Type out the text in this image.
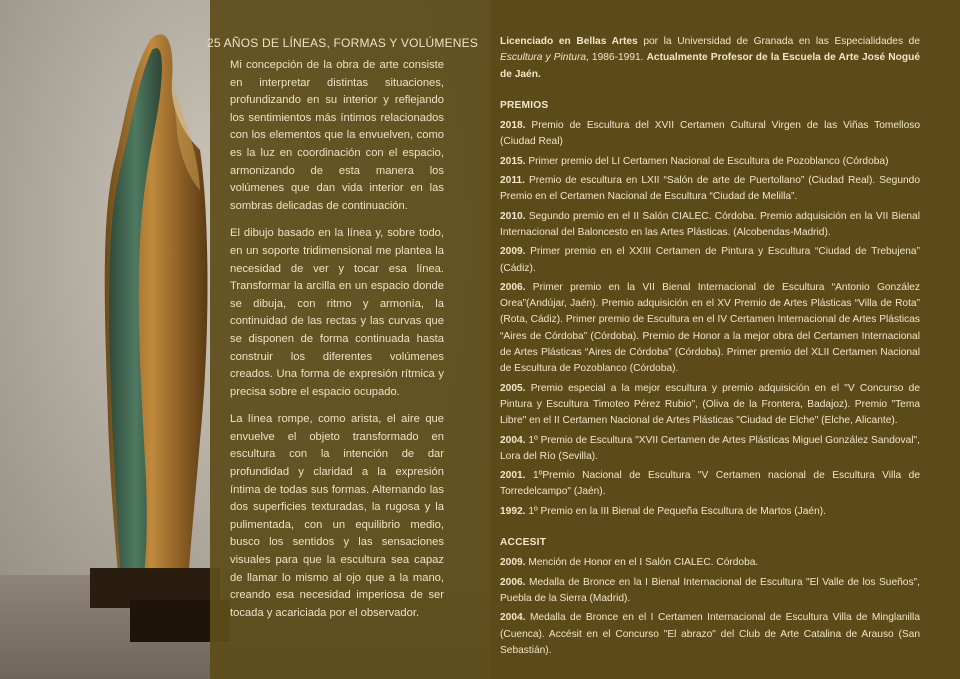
25 AÑOS DE LÍNEAS, FORMAS Y VOLÚMENES

Mi concepción de la obra de arte consiste en interpretar distintas situaciones, profundizando en su interior y reflejando los sentimientos más íntimos relacionados con los elementos que la envuelven, como es la luz en coordinación con el espacio, armonizando de esta manera los volúmenes que dan vida interior en las sombras delicadas de continuación.

El dibujo basado en la línea y, sobre todo, en un soporte tridimensional me plantea la necesidad de ver y tocar esa línea. Transformar la arcilla en un espacio donde se dibuja, con ritmo y armonía, la continuidad de las rectas y las curvas que se disponen de forma continuada hasta construir los diferentes volúmenes creados. Una forma de expresión rítmica y precisa sobre el espacio ocupado.

La línea rompe, como arista, el aire que envuelve el objeto transformado en escultura con la intención de dar profundidad y claridad a la expresión íntima de todas sus formas. Alternando las dos superficies texturadas, la rugosa y la pulimentada, con un equilibrio medio, busco los sentidos y las sensaciones visuales para que la escultura sea capaz de llamar lo mismo al ojo que a la mano, creando esa necesidad imperiosa de ser tocada y acariciada por el observador.

Licenciado en Bellas Artes por la Universidad de Granada en las Especialidades de Escultura y Pintura, 1986-1991. Actualmente Profesor de la Escuela de Arte José Nogué de Jaén.

PREMIOS

2018. Premio de Escultura del XVII Certamen Cultural Virgen de las Viñas Tomelloso (Ciudad Real)

2015. Primer premio del LI Certamen Nacional de Escultura de Pozoblanco (Córdoba)

2011. Premio de escultura en LXII “Salón de arte de Puertollano” (Ciudad Real). Segundo Premio en el Certamen Nacional de Escultura “Ciudad de Melilla”.

2010. Segundo premio en el II Salón CIALEC. Córdoba. Premio adquisición en la VII Bienal Internacional del Baloncesto en las Artes Plásticas. (Alcobendas-Madrid).

2009. Primer premio en el XXIII Certamen de Pintura y Escultura “Ciudad de Trebujena” (Cádiz).

2006. Primer premio en la VII Bienal Internacional de Escultura “Antonio González Orea”(Andújar, Jaén). Premio adquisición en el XV Premio de Artes Plásticas “Villa de Rota” (Rota, Cádiz). Primer premio de Escultura en el IV Certamen Internacional de Artes Plásticas “Aires de Córdoba” (Córdoba). Premio de Honor a la mejor obra del Certamen Internacional de Artes Plásticas “Aires de Córdoba” (Córdoba). Primer premio del XLII Certamen Nacional de Escultura de Pozoblanco (Córdoba).

2005. Premio especial a la mejor escultura y premio adquisición en el "V Concurso de Pintura y Escultura Timoteo Pérez Rubio", (Oliva de la Frontera, Badajoz). Premio "Tema Libre" en el II Certamen Nacional de Artes Plásticas "Ciudad de Elche" (Elche, Alicante).

2004. 1º Premio de Escultura "XVII Certamen de Artes Plásticas Miguel González Sandoval", Lora del Río (Sevilla).

2001. 1ºPremio Nacional de Escultura "V Certamen nacional de Escultura Villa de Torredelcampo" (Jaén).

1992. 1º Premio en la III Bienal de Pequeña Escultura de Martos (Jaén).

ACCESIT

2009. Mención de Honor en el I Salón CIALEC. Córdoba.

2006. Medalla de Bronce en la I Bienal Internacional de Escultura "El Valle de los Sueños", Puebla de la Sierra (Madrid).

2004. Medalla de Bronce en el I Certamen Internacional de Escultura Villa de Minglanilla (Cuenca). Accésit en el Concurso "El abrazo" del Club de Arte Catalina de Arauso (San Sebastián).
